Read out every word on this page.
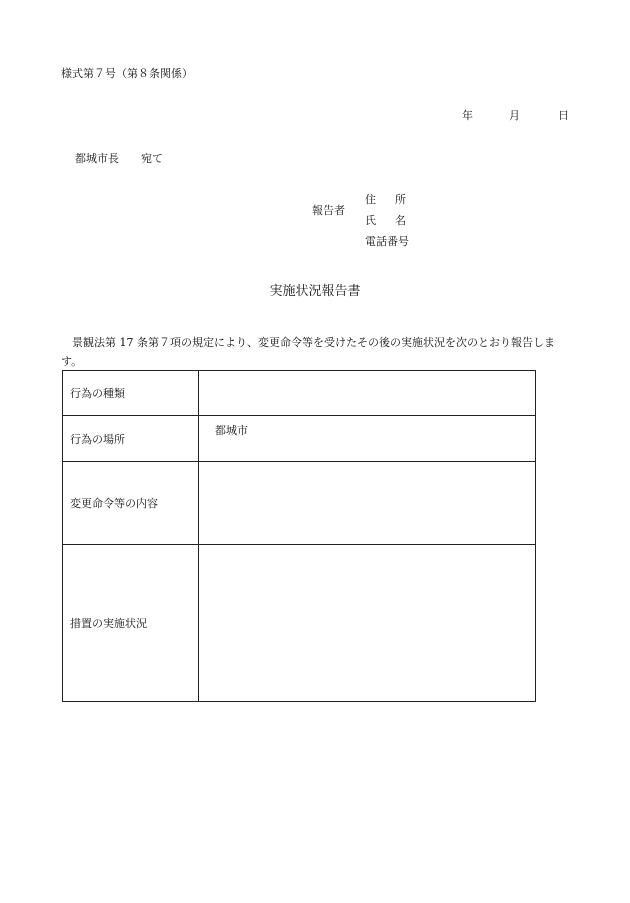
様式第７号（第８条関係）
年	月	日
都城市長 宛て
報告者
住所
氏名
電話番号
実施状況報告書
景観法第 17 条第７項の規定により、変更命令等を受けたその後の実施状況を次のとおり報告します。
行為の種類	
行為の場所	都城市
変更命令等の内容	
措置の実施状況	
